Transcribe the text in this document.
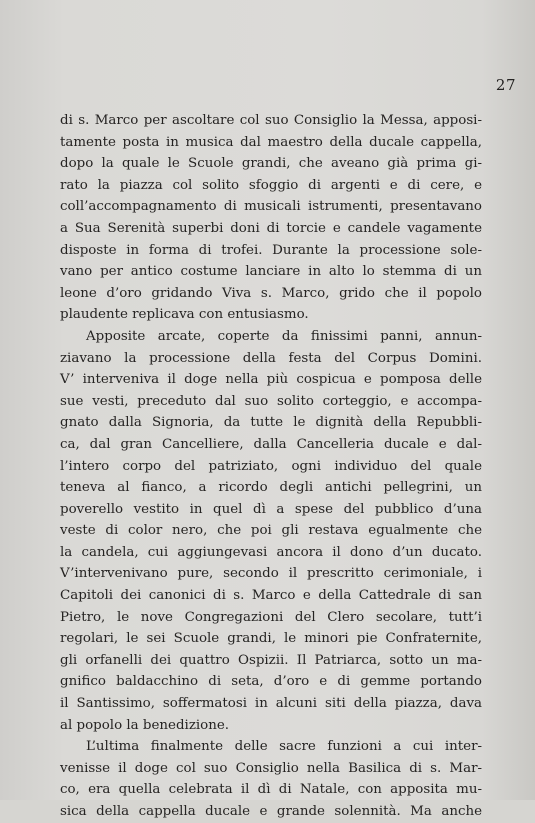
27
di s. Marco per ascoltare col suo Consiglio la Messa, apposi-
tamente posta in musica dal maestro della ducale cappella,
dopo la quale le Scuole grandi, che aveano già prima gi-
rato la piazza col solito sfoggio di argenti e di cere, e
coll’accompagnamento di musicali istrumenti, presentavano
a Sua Serenità superbi doni di torcie e candele vagamente
disposte in forma di trofei. Durante la processione sole-
vano per antico costume lanciare in alto lo stemma di un
leone d’oro gridando Viva s. Marco, grido che il popolo
plaudente replicava con entusiasmo.
Apposite arcate, coperte da finissimi panni, annun-
ziavano la processione della festa del Corpus Domini.
V’ interveniva il doge nella più cospicua e pomposa delle
sue vesti, preceduto dal suo solito corteggio, e accompa-
gnato dalla Signoria, da tutte le dignità della Repubbli-
ca, dal gran Cancelliere, dalla Cancelleria ducale e dal-
l’intero corpo del patriziato, ogni individuo del quale
teneva al fianco, a ricordo degli antichi pellegrini, un
poverello vestito in quel dì a spese del pubblico d’una
veste di color nero, che poi gli restava egualmente che
la candela, cui aggiungevasi ancora il dono d’un ducato.
V’intervenivano pure, secondo il prescritto cerimoniale, i
Capitoli dei canonici di s. Marco e della Cattedrale di san
Pietro, le nove Congregazioni del Clero secolare, tutt’i
regolari, le sei Scuole grandi, le minori pie Confraternite,
gli orfanelli dei quattro Ospizii. Il Patriarca, sotto un ma-
gnifico baldacchino di seta, d’oro e di gemme portando
il Santissimo, soffermatosi in alcuni siti della piazza, dava
al popolo la benedizione.
L’ultima finalmente delle sacre funzioni a cui inter-
venisse il doge col suo Consiglio nella Basilica di s. Mar-
co, era quella celebrata il dì di Natale, con apposita mu-
sica della cappella ducale e grande solennità. Ma anche
